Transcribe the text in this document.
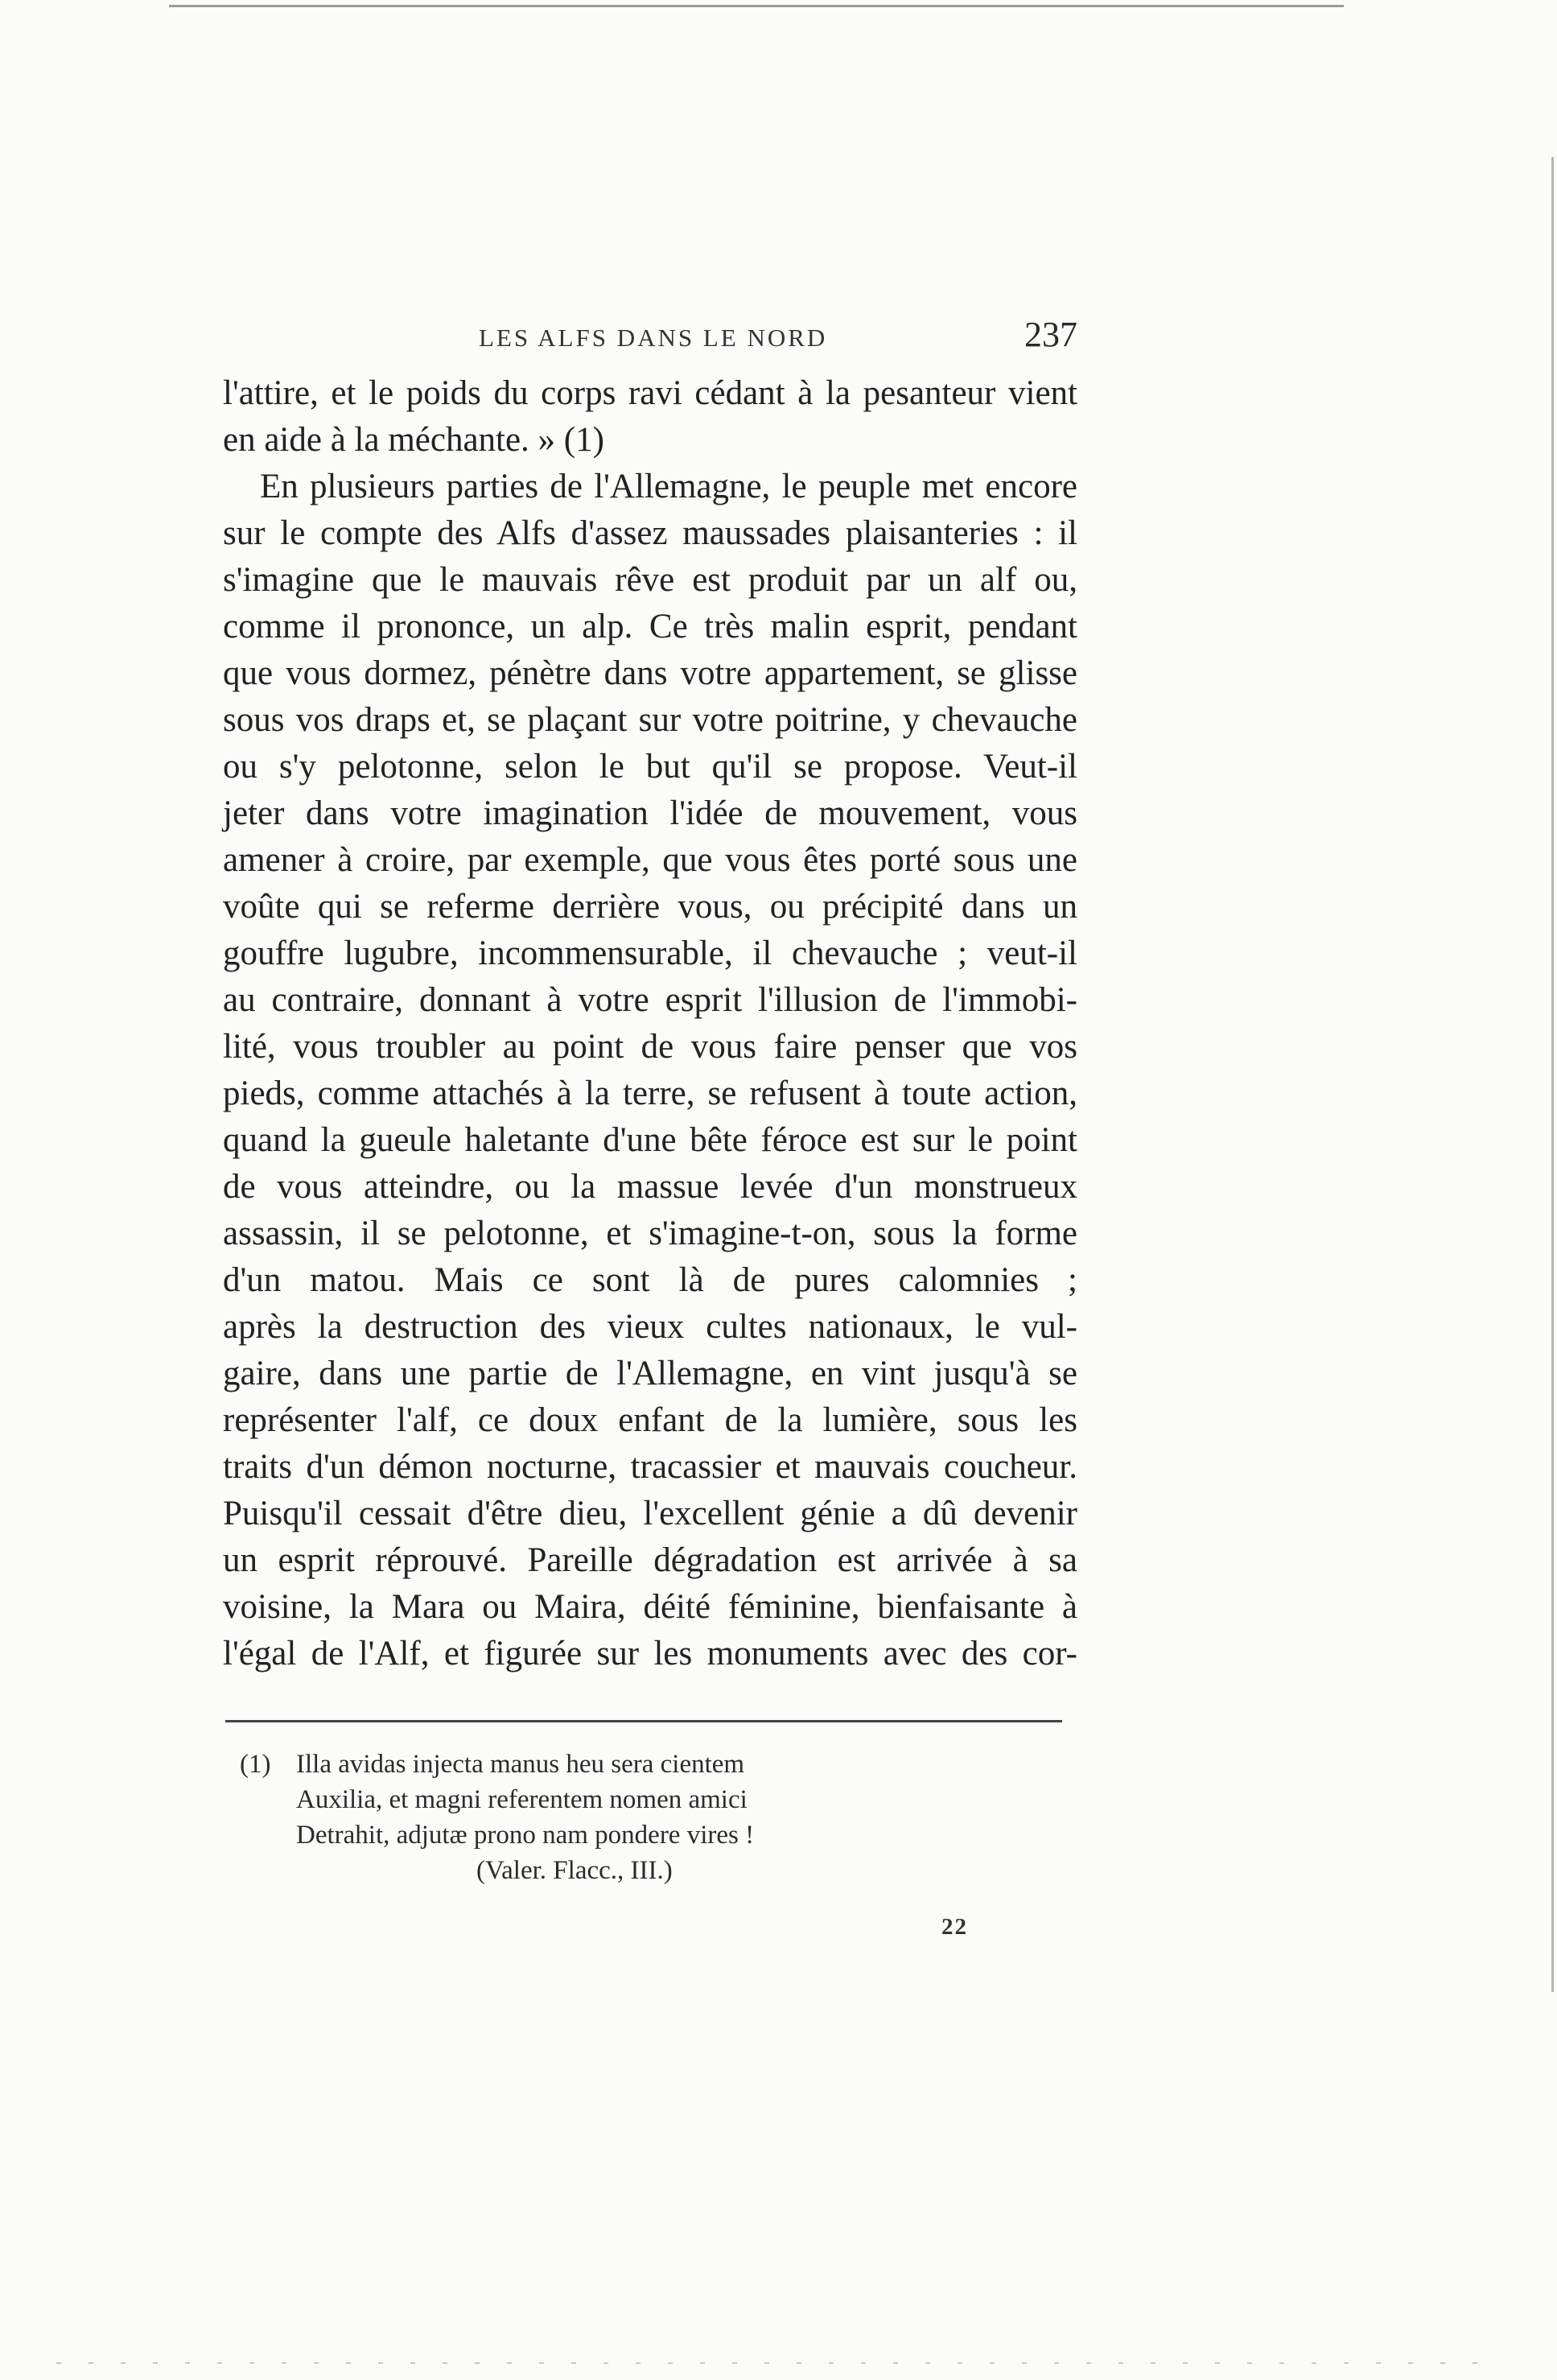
LES ALFS DANS LE NORD	237
l'attire, et le poids du corps ravi cédant à la pesanteur vient
en aide à la méchante. » (1)
En plusieurs parties de l'Allemagne, le peuple met encore
sur le compte des Alfs d'assez maussades plaisanteries : il
s'imagine que le mauvais rêve est produit par un alf ou,
comme il prononce, un alp. Ce très malin esprit, pendant
que vous dormez, pénètre dans votre appartement, se glisse
sous vos draps et, se plaçant sur votre poitrine, y chevauche
ou s'y pelotonne, selon le but qu'il se propose. Veut-il
jeter dans votre imagination l'idée de mouvement, vous
amener à croire, par exemple, que vous êtes porté sous une
voûte qui se referme derrière vous, ou précipité dans un
gouffre lugubre, incommensurable, il chevauche ; veut-il
au contraire, donnant à votre esprit l'illusion de l'immobi-
lité, vous troubler au point de vous faire penser que vos
pieds, comme attachés à la terre, se refusent à toute action,
quand la gueule haletante d'une bête féroce est sur le point
de vous atteindre, ou la massue levée d'un monstrueux
assassin, il se pelotonne, et s'imagine-t-on, sous la forme
d'un matou. Mais ce sont là de pures calomnies ;
après la destruction des vieux cultes nationaux, le vul-
gaire, dans une partie de l'Allemagne, en vint jusqu'à se
représenter l'alf, ce doux enfant de la lumière, sous les
traits d'un démon nocturne, tracassier et mauvais coucheur.
Puisqu'il cessait d'être dieu, l'excellent génie a dû devenir
un esprit réprouvé. Pareille dégradation est arrivée à sa
voisine, la Mara ou Maira, déité féminine, bienfaisante à
l'égal de l'Alf, et figurée sur les monuments avec des cor-
(1) Illa avidas injecta manus heu sera cientem
Auxilia, et magni referentem nomen amici
Detrahit, adjutæ prono nam pondere vires !
(Valer. Flacc., III.)
22
